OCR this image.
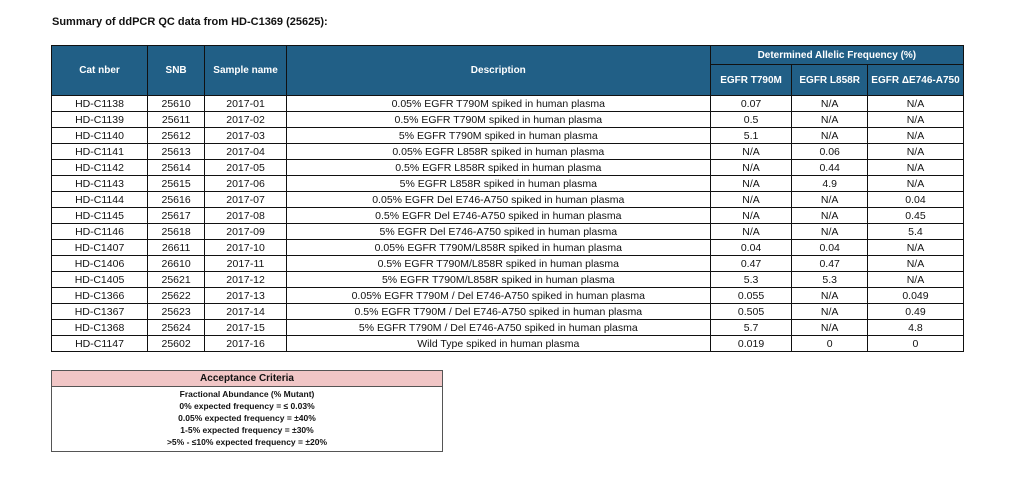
Summary of ddPCR QC data from HD-C1369 (25625):
Cat nber	SNB	Sample name	Description	Determined Allelic Frequency (%)		
				EGFR T790M	EGFR L858R	EGFR ΔE746-A750
HD-C1138	25610	2017-01	0.05% EGFR T790M spiked in human plasma	0.07	N/A	N/A
HD-C1139	25611	2017-02	0.5% EGFR T790M spiked in human plasma	0.5	N/A	N/A
HD-C1140	25612	2017-03	5% EGFR T790M spiked in human plasma	5.1	N/A	N/A
HD-C1141	25613	2017-04	0.05% EGFR L858R spiked in human plasma	N/A	0.06	N/A
HD-C1142	25614	2017-05	0.5% EGFR L858R spiked in human plasma	N/A	0.44	N/A
HD-C1143	25615	2017-06	5% EGFR L858R spiked in human plasma	N/A	4.9	N/A
HD-C1144	25616	2017-07	0.05% EGFR Del E746-A750 spiked in human plasma	N/A	N/A	0.04
HD-C1145	25617	2017-08	0.5% EGFR Del E746-A750 spiked in human plasma	N/A	N/A	0.45
HD-C1146	25618	2017-09	5% EGFR Del E746-A750 spiked in human plasma	N/A	N/A	5.4
HD-C1407	26611	2017-10	0.05% EGFR T790M/L858R spiked in human plasma	0.04	0.04	N/A
HD-C1406	26610	2017-11	0.5% EGFR T790M/L858R spiked in human plasma	0.47	0.47	N/A
HD-C1405	25621	2017-12	5% EGFR T790M/L858R spiked in human plasma	5.3	5.3	N/A
HD-C1366	25622	2017-13	0.05% EGFR T790M / Del E746-A750 spiked in human plasma	0.055	N/A	0.049
HD-C1367	25623	2017-14	0.5% EGFR T790M / Del E746-A750 spiked in human plasma	0.505	N/A	0.49
HD-C1368	25624	2017-15	5% EGFR T790M / Del E746-A750 spiked in human plasma	5.7	N/A	4.8
HD-C1147	25602	2017-16	Wild Type spiked in human plasma	0.019	0	0
Acceptance Criteria
Fractional Abundance (% Mutant)
0% expected frequency = ≤ 0.03%
0.05% expected frequency = ±40%
1-5% expected frequency = ±30%
>5% - ≤10% expected frequency = ±20%
